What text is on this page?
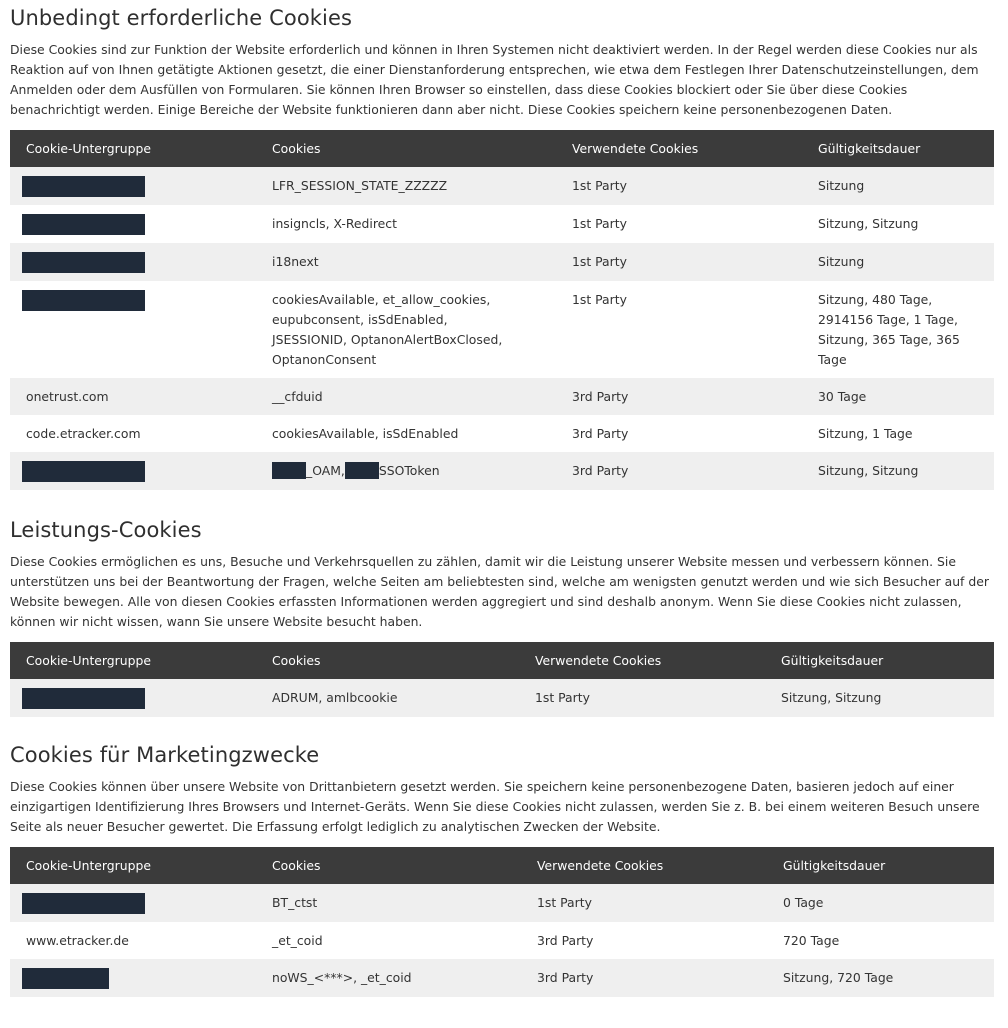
Unbedingt erforderliche Cookies

Diese Cookies sind zur Funktion der Website erforderlich und können in Ihren Systemen nicht deaktiviert werden. In der Regel werden diese Cookies nur als Reaktion auf von Ihnen getätigte Aktionen gesetzt, die einer Dienstanforderung entsprechen, wie etwa dem Festlegen Ihrer Datenschutzeinstellungen, dem Anmelden oder dem Ausfüllen von Formularen. Sie können Ihren Browser so einstellen, dass diese Cookies blockiert oder Sie über diese Cookies benachrichtigt werden. Einige Bereiche der Website funktionieren dann aber nicht. Diese Cookies speichern keine personenbezogenen Daten.

Cookie-Untergruppe	Cookies	Verwendete Cookies	Gültigkeitsdauer
	LFR_SESSION_STATE_ZZZZZ	1st Party	Sitzung
	insigncls, X-Redirect	1st Party	Sitzung, Sitzung
	i18next	1st Party	Sitzung
	cookiesAvailable, et_allow_cookies, eupubconsent, isSdEnabled, JSESSIONID, OptanonAlertBoxClosed, OptanonConsent	1st Party	Sitzung, 480 Tage, 2914156 Tage, 1 Tage, Sitzung, 365 Tage, 365 Tage
onetrust.com	__cfduid	3rd Party	30 Tage
code.etracker.com	cookiesAvailable, isSdEnabled	3rd Party	Sitzung, 1 Tage
	_OAM, SSOToken	3rd Party	Sitzung, Sitzung
Leistungs-Cookies

Diese Cookies ermöglichen es uns, Besuche und Verkehrsquellen zu zählen, damit wir die Leistung unserer Website messen und verbessern können. Sie unterstützen uns bei der Beantwortung der Fragen, welche Seiten am beliebtesten sind, welche am wenigsten genutzt werden und wie sich Besucher auf der Website bewegen. Alle von diesen Cookies erfassten Informationen werden aggregiert und sind deshalb anonym. Wenn Sie diese Cookies nicht zulassen, können wir nicht wissen, wann Sie unsere Website besucht haben.

Cookie-Untergruppe	Cookies	Verwendete Cookies	Gültigkeitsdauer
	ADRUM, amlbcookie	1st Party	Sitzung, Sitzung
Cookies für Marketingzwecke

Diese Cookies können über unsere Website von Drittanbietern gesetzt werden. Sie speichern keine personenbezogene Daten, basieren jedoch auf einer einzigartigen Identifizierung Ihres Browsers und Internet-Geräts. Wenn Sie diese Cookies nicht zulassen, werden Sie z. B. bei einem weiteren Besuch unsere Seite als neuer Besucher gewertet. Die Erfassung erfolgt lediglich zu analytischen Zwecken der Website.

Cookie-Untergruppe	Cookies	Verwendete Cookies	Gültigkeitsdauer
	BT_ctst	1st Party	0 Tage
www.etracker.de	_et_coid	3rd Party	720 Tage
	noWS_<***>, _et_coid	3rd Party	Sitzung, 720 Tage
